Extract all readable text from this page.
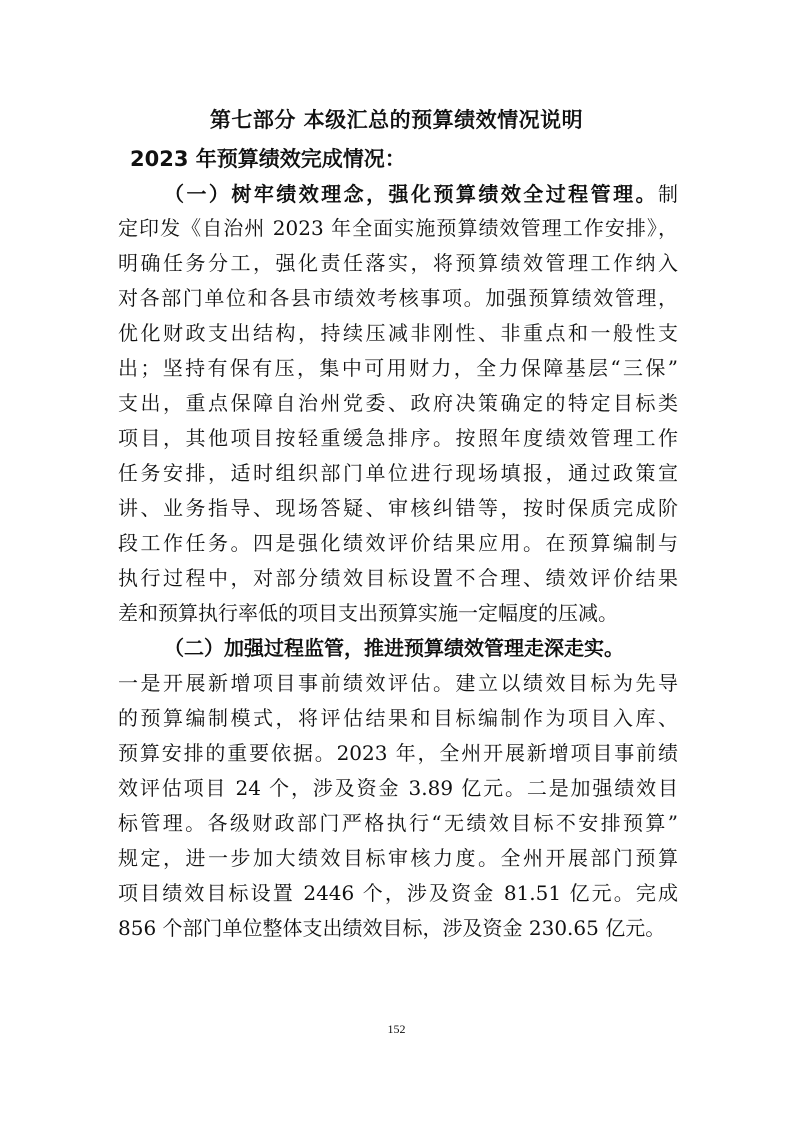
第七部分 本级汇总的预算绩效情况说明
2023 年预算绩效完成情况：
（一）树牢绩效理念，强化预算绩效全过程管理。制
定印发《自治州 2023 年全面实施预算绩效管理工作安排》，
明确任务分工，强化责任落实，将预算绩效管理工作纳入
对各部门单位和各县市绩效考核事项。加强预算绩效管理，
优化财政支出结构，持续压减非刚性、非重点和一般性支
出；坚持有保有压，集中可用财力，全力保障基层“三保”
支出，重点保障自治州党委、政府决策确定的特定目标类
项目，其他项目按轻重缓急排序。按照年度绩效管理工作
任务安排，适时组织部门单位进行现场填报，通过政策宣
讲、业务指导、现场答疑、审核纠错等，按时保质完成阶
段工作任务。四是强化绩效评价结果应用。在预算编制与
执行过程中，对部分绩效目标设置不合理、绩效评价结果
差和预算执行率低的项目支出预算实施一定幅度的压减。
（二）加强过程监管，推进预算绩效管理走深走实。
一是开展新增项目事前绩效评估。建立以绩效目标为先导
的预算编制模式，将评估结果和目标编制作为项目入库、
预算安排的重要依据。2023 年，全州开展新增项目事前绩
效评估项目 24 个，涉及资金 3.89 亿元。二是加强绩效目
标管理。各级财政部门严格执行“无绩效目标不安排预算”
规定，进一步加大绩效目标审核力度。全州开展部门预算
项目绩效目标设置 2446 个，涉及资金 81.51 亿元。完成
856 个部门单位整体支出绩效目标，涉及资金 230.65 亿元。
152
